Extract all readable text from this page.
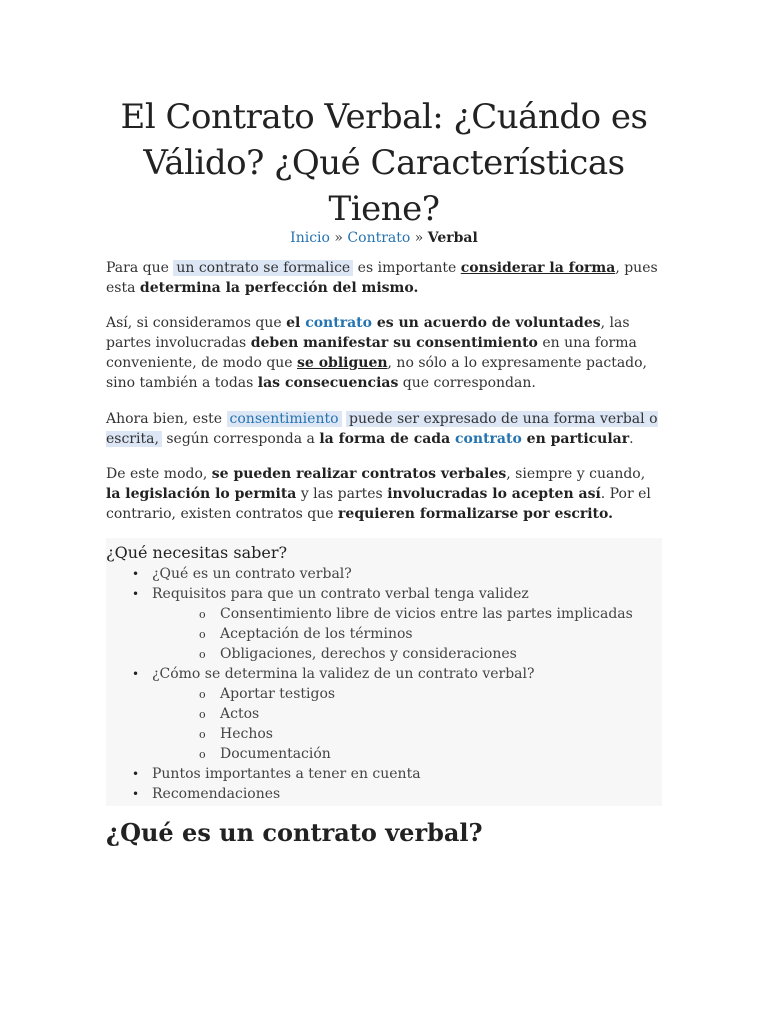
El Contrato Verbal: ¿Cuándo es
Válido? ¿Qué Características
Tiene?
Inicio » Contrato » Verbal

Para que un contrato se formalice es importante considerar la forma, pues esta determina la perfección del mismo.

Así, si consideramos que el contrato es un acuerdo de voluntades, las partes involucradas deben manifestar su consentimiento en una forma conveniente, de modo que se obliguen, no sólo a lo expresamente pactado, sino también a todas las consecuencias que correspondan.

Ahora bien, este consentimiento puede ser expresado de una forma verbal o escrita, según corresponda a la forma de cada contrato en particular.

De este modo, se pueden realizar contratos verbales, siempre y cuando, la legislación lo permita y las partes involucradas lo acepten así. Por el contrario, existen contratos que requieren formalizarse por escrito.

¿Qué necesitas saber?
• ¿Qué es un contrato verbal?
• Requisitos para que un contrato verbal tenga validez
o Consentimiento libre de vicios entre las partes implicadas
o Aceptación de los términos
o Obligaciones, derechos y consideraciones
• ¿Cómo se determina la validez de un contrato verbal?
o Aportar testigos
o Actos
o Hechos
o Documentación
• Puntos importantes a tener en cuenta
• Recomendaciones
¿Qué es un contrato verbal?
